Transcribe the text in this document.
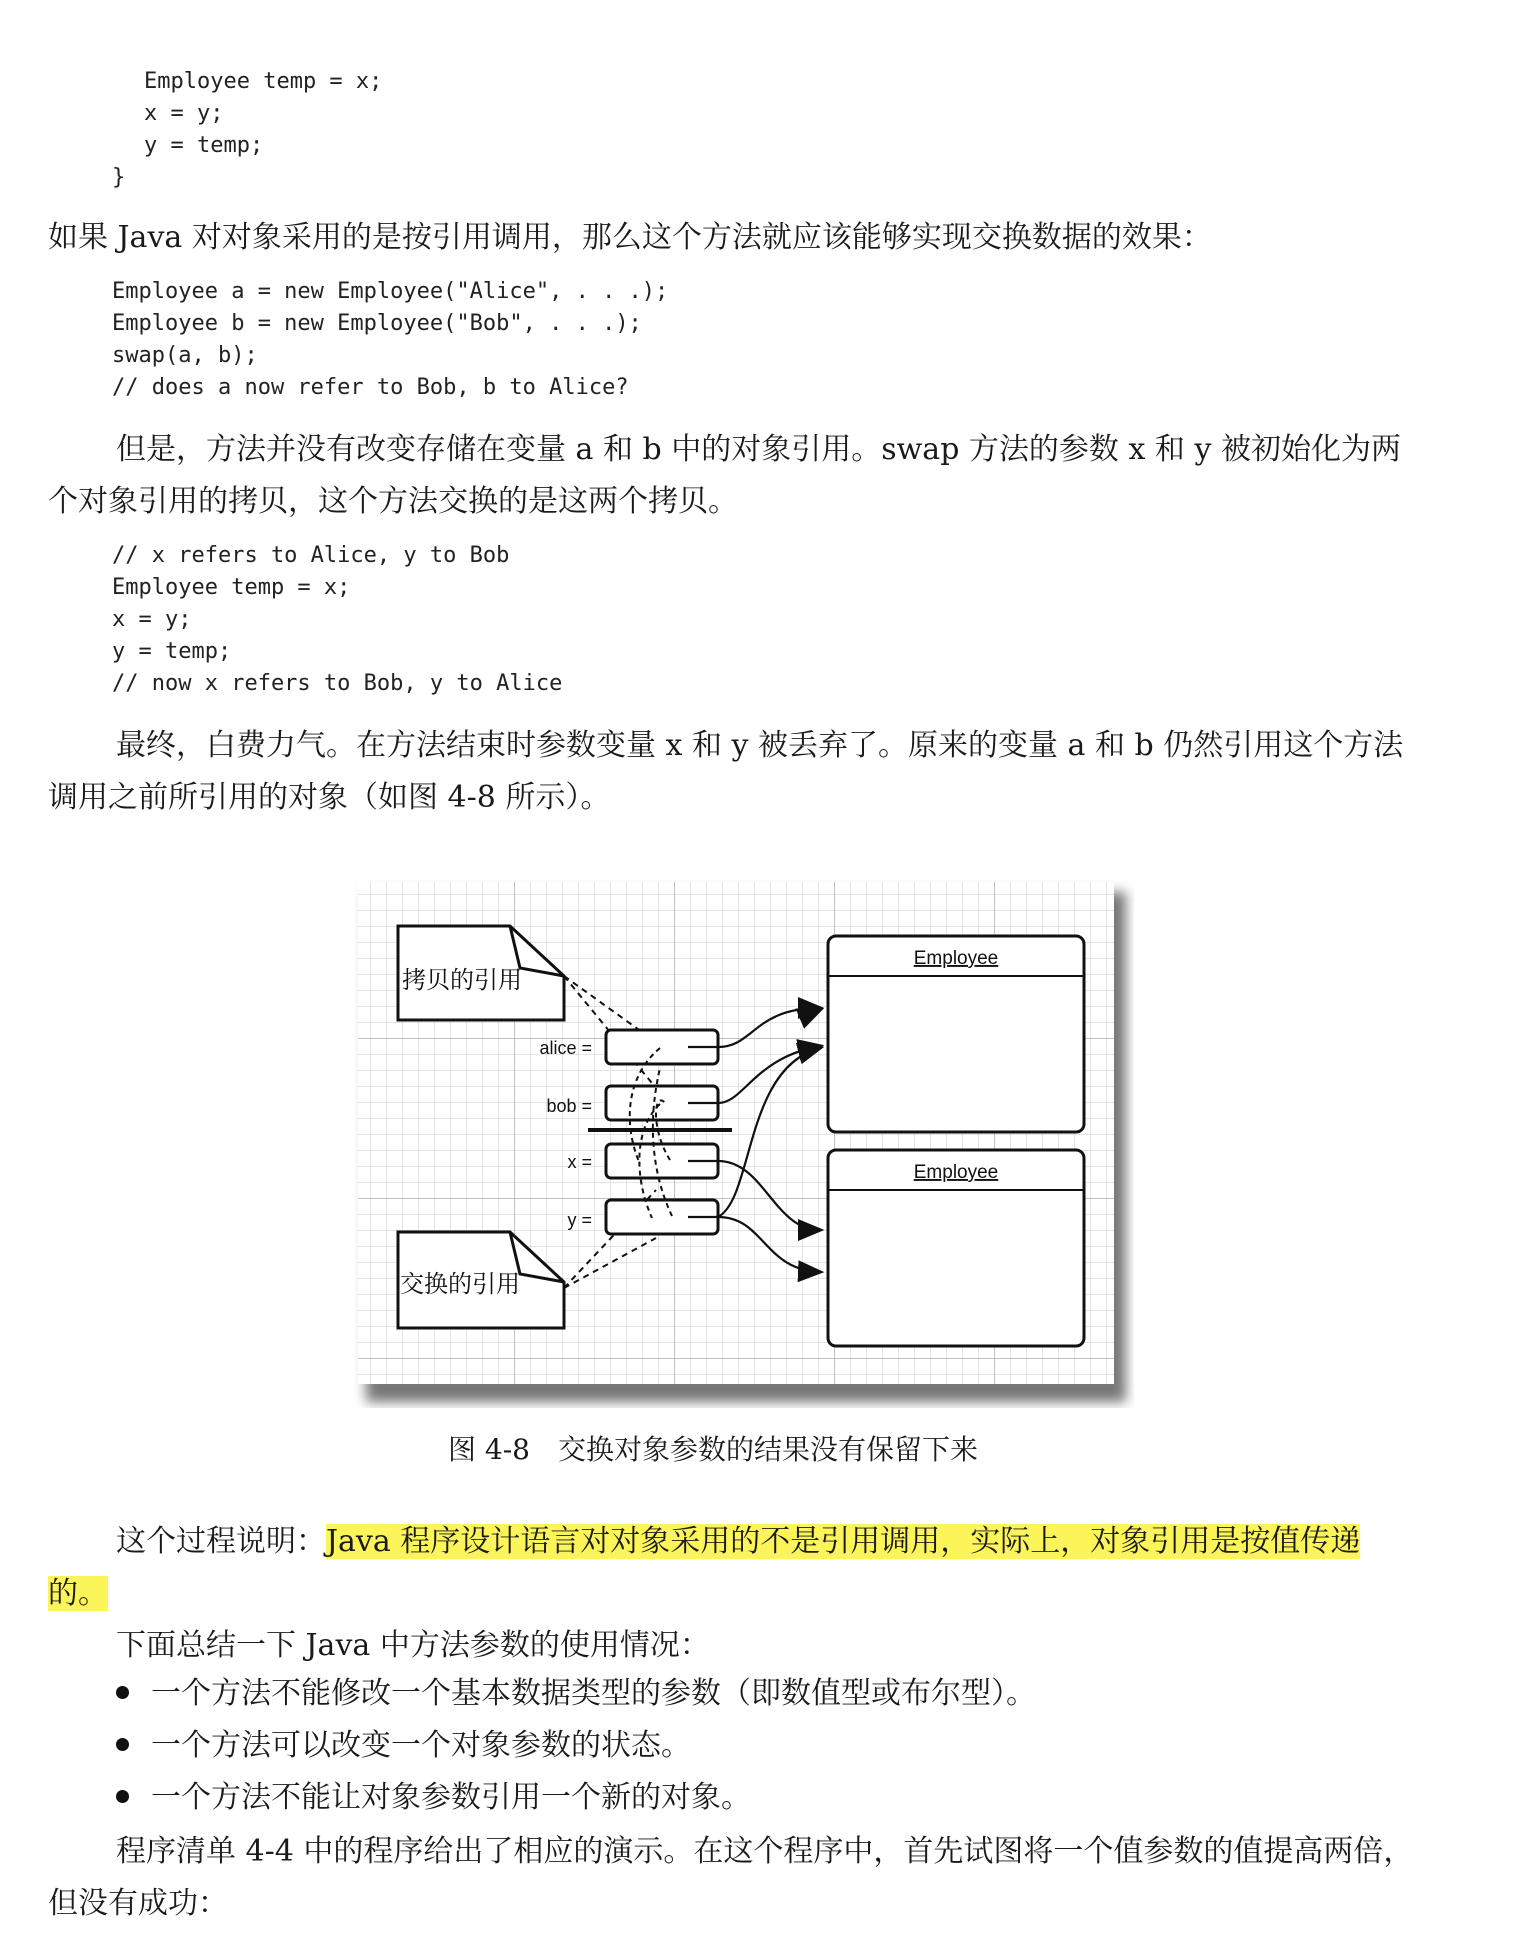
Employee temp = x;
x = y;
y = temp;
}
如果 Java 对对象采用的是按引用调用，那么这个方法就应该能够实现交换数据的效果：
Employee a = new Employee("Alice", . . .);
Employee b = new Employee("Bob", . . .);
swap(a, b);
// does a now refer to Bob, b to Alice?
但是，方法并没有改变存储在变量 a 和 b 中的对象引用。swap 方法的参数 x 和 y 被初始化为两个对象引用的拷贝，这个方法交换的是这两个拷贝。
// x refers to Alice, y to Bob
Employee temp = x;
x = y;
y = temp;
// now x refers to Bob, y to Alice
最终，白费力气。在方法结束时参数变量 x 和 y 被丢弃了。原来的变量 a 和 b 仍然引用这个方法调用之前所引用的对象（如图 4-8 所示）。
拷贝的引用
交换的引用
alice =
bob =
x =
y =
Employee
Employee
图 4-8　交换对象参数的结果没有保留下来
这个过程说明：Java 程序设计语言对对象采用的不是引用调用，实际上，对象引用是按值传递的。
下面总结一下 Java 中方法参数的使用情况：
一个方法不能修改一个基本数据类型的参数（即数值型或布尔型）。
一个方法可以改变一个对象参数的状态。
一个方法不能让对象参数引用一个新的对象。
程序清单 4-4 中的程序给出了相应的演示。在这个程序中，首先试图将一个值参数的值提高两倍，但没有成功：
